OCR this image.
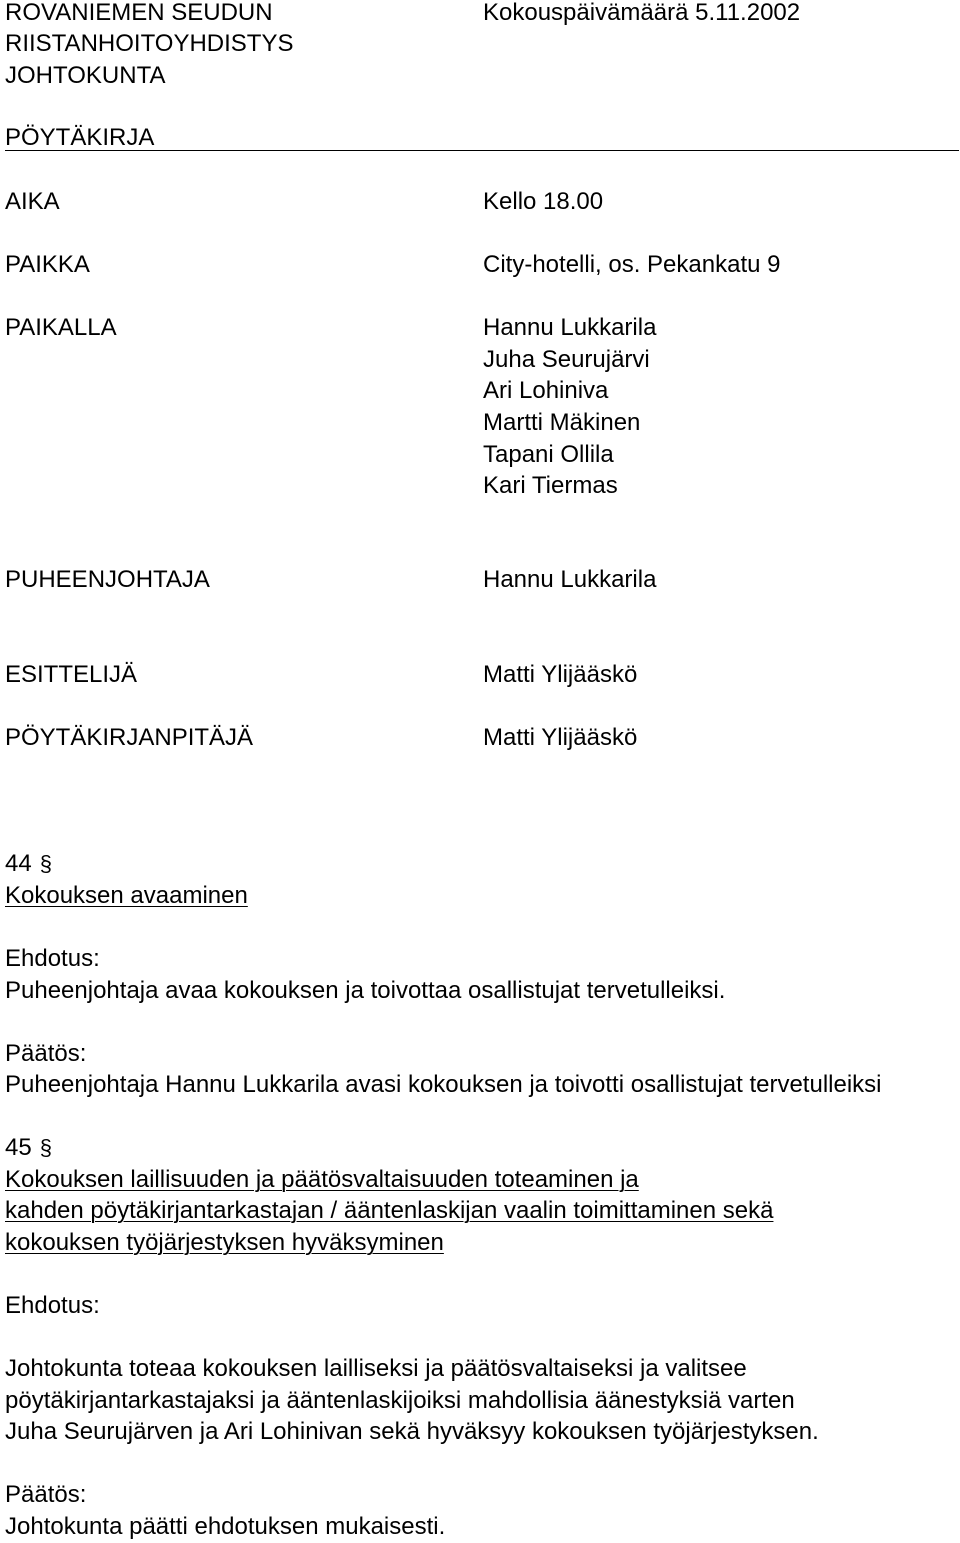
ROVANIEMEN SEUDUN	Kokouspäivämäärä 5.11.2002

RIISTANHOITOYHDISTYS

JOHTOKUNTA

PÖYTÄKIRJA

AIKA	Kello 18.00

PAIKKA	City-hotelli, os. Pekankatu 9

PAIKALLA	Hannu Lukkarila

Juha Seurujärvi

Ari Lohiniva

Martti Mäkinen

Tapani Ollila

Kari Tiermas

PUHEENJOHTAJA	Hannu Lukkarila

ESITTELIJÄ	Matti Ylijääskö

PÖYTÄKIRJANPITÄJÄ	Matti Ylijääskö

44 §

Kokouksen avaaminen

Ehdotus:

Puheenjohtaja avaa kokouksen ja toivottaa osallistujat tervetulleiksi.

Päätös:

Puheenjohtaja Hannu Lukkarila avasi kokouksen ja toivotti osallistujat tervetulleiksi

45 §

Kokouksen laillisuuden ja päätösvaltaisuuden toteaminen ja

kahden pöytäkirjantarkastajan / ääntenlaskijan vaalin toimittaminen sekä

kokouksen työjärjestyksen hyväksyminen

Ehdotus:

Johtokunta toteaa kokouksen lailliseksi ja päätösvaltaiseksi ja valitsee

pöytäkirjantarkastajaksi ja ääntenlaskijoiksi mahdollisia äänestyksiä varten

Juha Seurujärven ja Ari Lohinivan sekä hyväksyy kokouksen työjärjestyksen.

Päätös:

Johtokunta päätti ehdotuksen mukaisesti.
